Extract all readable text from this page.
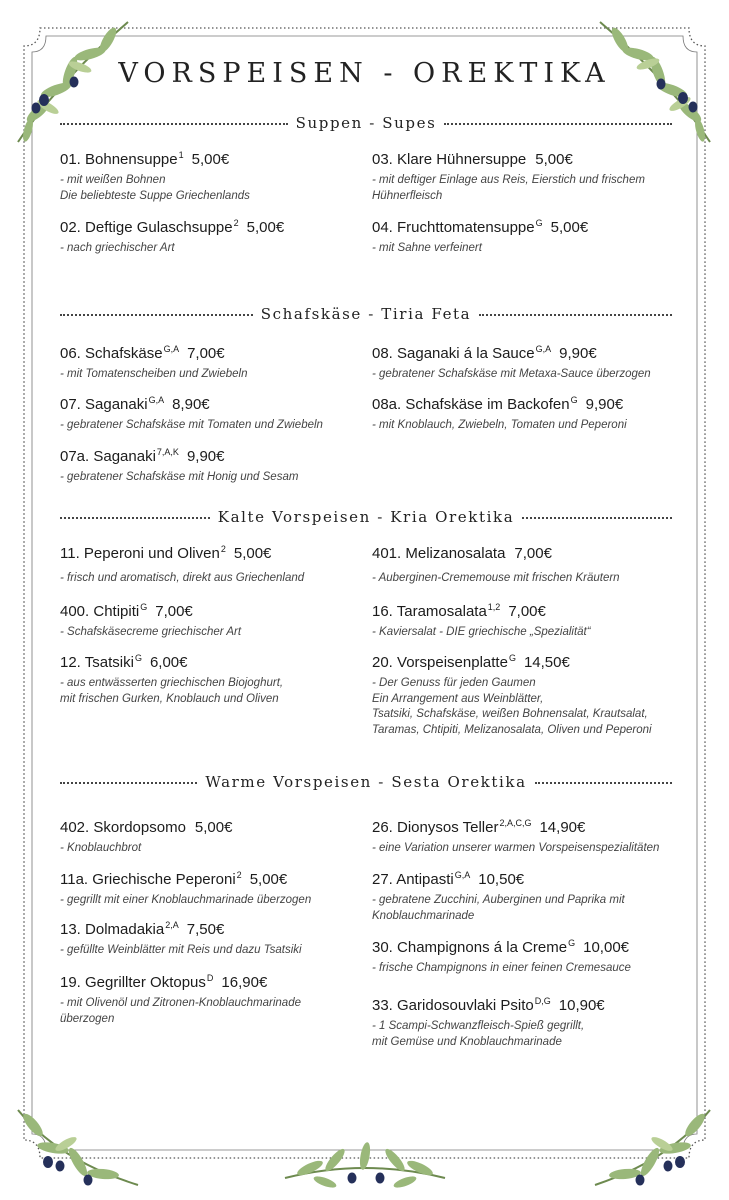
VORSPEISEN - OREKTIKA
Suppen - Supes
01. Bohnensuppe$^1$ 5,00€
- mit weißen Bohnen
Die beliebteste Suppe Griechenlands
02. Deftige Gulaschsuppe$^2$ 5,00€
- nach griechischer Art
03. Klare Hühnersuppe 5,00€
- mit deftiger Einlage aus Reis, Eierstich und frischem
Hühnerfleisch
04. Fruchttomatensuppe$^G$ 5,00€
- mit Sahne verfeinert
Schafskäse - Tiria Feta
06. Schafskäse$^{G,A}$ 7,00€
- mit Tomatenscheiben und Zwiebeln
07. Saganaki$^{G,A}$ 8,90€
- gebratener Schafskäse mit Tomaten und Zwiebeln
07a. Saganaki$^{7,A,K}$ 9,90€
- gebratener Schafskäse mit Honig und Sesam
08. Saganaki á la Sauce$^{G,A}$ 9,90€
- gebratener Schafskäse mit Metaxa-Sauce überzogen
08a. Schafskäse im Backofen$^G$ 9,90€
- mit Knoblauch, Zwiebeln, Tomaten und Peperoni
Kalte Vorspeisen - Kria Orektika
11. Peperoni und Oliven$^2$ 5,00€
- frisch und aromatisch, direkt aus Griechenland
400. Chtipiti$^G$ 7,00€
- Schafskäsecreme griechischer Art
12. Tsatsiki$^G$ 6,00€
- aus entwässerten griechischen Biojoghurt,
mit frischen Gurken, Knoblauch und Oliven
401. Melizanosalata 7,00€
- Auberginen-Crememouse mit frischen Kräutern
16. Taramosalata$^{1,2}$ 7,00€
- Kaviersalat - DIE griechische „Spezialität“
20. Vorspeisenplatte$^G$ 14,50€
- Der Genuss für jeden Gaumen
Ein Arrangement aus Weinblätter,
Tsatsiki, Schafskäse, weißen Bohnensalat, Krautsalat,
Taramas, Chtipiti, Melizanosalata, Oliven und Peperoni
Warme Vorspeisen - Sesta Orektika
402. Skordopsomo 5,00€
- Knoblauchbrot
11a. Griechische Peperoni$^2$ 5,00€
- gegrillt mit einer Knoblauchmarinade überzogen
13. Dolmadakia$^{2,A}$ 7,50€
- gefüllte Weinblätter mit Reis und dazu Tsatsiki
19. Gegrillter Oktopus$^D$ 16,90€
- mit Olivenöl und Zitronen-Knoblauchmarinade
überzogen
26. Dionysos Teller$^{2,A,C,G}$ 14,90€
- eine Variation unserer warmen Vorspeisenspezialitäten
27. Antipasti$^{G,A}$ 10,50€
- gebratene Zucchini, Auberginen und Paprika mit
Knoblauchmarinade
30. Champignons á la Creme$^G$ 10,00€
- frische Champignons in einer feinen Cremesauce
33. Garidosouvlaki Psito$^{D,G}$ 10,90€
- 1 Scampi-Schwanzfleisch-Spieß gegrillt,
mit Gemüse und Knoblauchmarinade
